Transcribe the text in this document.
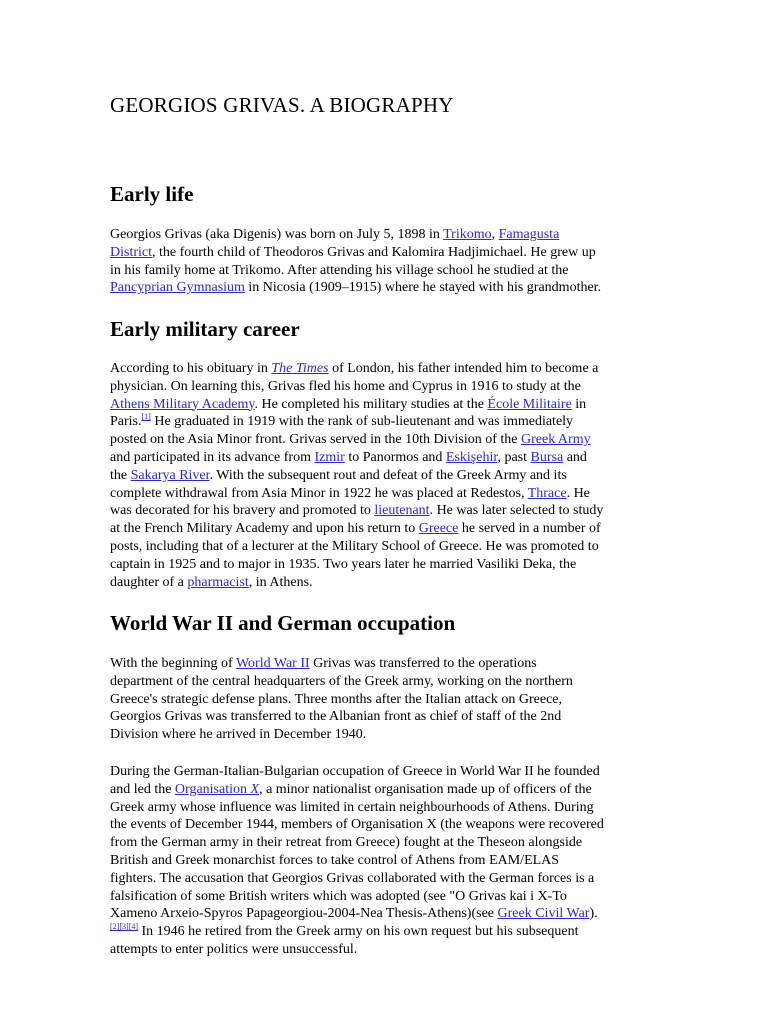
GEORGIOS GRIVAS. A BIOGRAPHY
Early life

Georgios Grivas (aka Digenis) was born on July 5, 1898 in Trikomo, Famagusta
District, the fourth child of Theodoros Grivas and Kalomira Hadjimichael. He grew up
in his family home at Trikomo. After attending his village school he studied at the
Pancyprian Gymnasium in Nicosia (1909–1915) where he stayed with his grandmother.

Early military career

According to his obituary in The Times of London, his father intended him to become a
physician. On learning this, Grivas fled his home and Cyprus in 1916 to study at the
Athens Military Academy. He completed his military studies at the École Militaire in
Paris.[1] He graduated in 1919 with the rank of sub-lieutenant and was immediately
posted on the Asia Minor front. Grivas served in the 10th Division of the Greek Army
and participated in its advance from Izmir to Panormos and Eskişehir, past Bursa and
the Sakarya River. With the subsequent rout and defeat of the Greek Army and its
complete withdrawal from Asia Minor in 1922 he was placed at Redestos, Thrace. He
was decorated for his bravery and promoted to lieutenant. He was later selected to study
at the French Military Academy and upon his return to Greece he served in a number of
posts, including that of a lecturer at the Military School of Greece. He was promoted to
captain in 1925 and to major in 1935. Two years later he married Vasiliki Deka, the
daughter of a pharmacist, in Athens.

World War II and German occupation

With the beginning of World War II Grivas was transferred to the operations
department of the central headquarters of the Greek army, working on the northern
Greece's strategic defense plans. Three months after the Italian attack on Greece,
Georgios Grivas was transferred to the Albanian front as chief of staff of the 2nd
Division where he arrived in December 1940.

During the German-Italian-Bulgarian occupation of Greece in World War II he founded
and led the Organisation X, a minor nationalist organisation made up of officers of the
Greek army whose influence was limited in certain neighbourhoods of Athens. During
the events of December 1944, members of Organisation X (the weapons were recovered
from the German army in their retreat from Greece) fought at the Theseon alongside
British and Greek monarchist forces to take control of Athens from EAM/ELAS
fighters. The accusation that Georgios Grivas collaborated with the German forces is a
falsification of some British writers which was adopted (see "O Grivas kai i X-To
Xameno Arxeio-Spyros Papageorgiou-2004-Nea Thesis-Athens)(see Greek Civil War).
[2][3][4] In 1946 he retired from the Greek army on his own request but his subsequent
attempts to enter politics were unsuccessful.
